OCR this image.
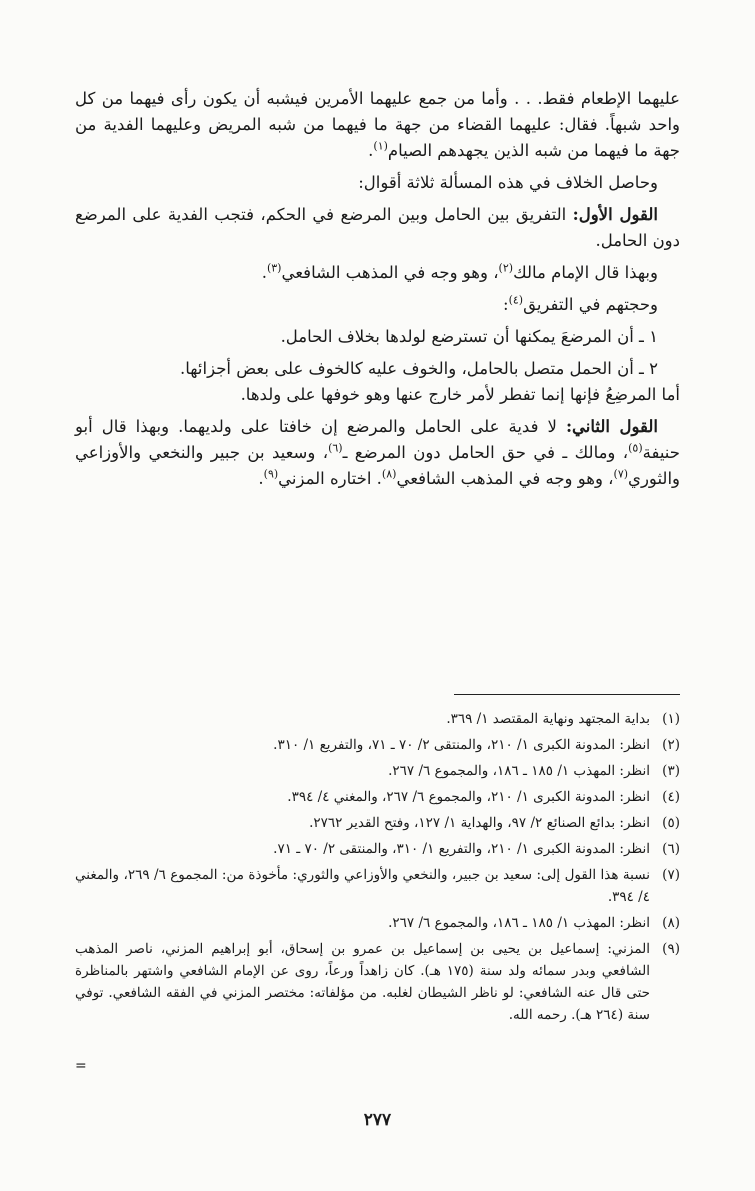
عليهما الإطعام فقط. . . وأما من جمع عليهما الأمرين فيشبه أن يكون رأى فيهما من كل واحد شبهاً. فقال: عليهما القضاء من جهة ما فيهما من شبه المريض وعليهما الفدية من جهة ما فيهما من شبه الذين يجهدهم الصيام$^{(١)}$.

وحاصل الخلاف في هذه المسألة ثلاثة أقوال:

القول الأول: التفريق بين الحامل وبين المرضع في الحكم، فتجب الفدية على المرضع دون الحامل.

وبهذا قال الإمام مالك$^{(٢)}$، وهو وجه في المذهب الشافعي$^{(٣)}$.

وحجتهم في التفريق$^{(٤)}$:

١ ـ أن المرضعَ يمكنها أن تسترضع لولدها بخلاف الحامل.

٢ ـ أن الحمل متصل بالحامل، والخوف عليه كالخوف على بعض أجزائها.

أما المرضِعُ فإنها إنما تفطر لأمر خارج عنها وهو خوفها على ولدها.

القول الثاني: لا فدية على الحامل والمرضع إن خافتا على ولديهما. وبهذا قال أبو حنيفة$^{(٥)}$، ومالك ـ في حق الحامل دون المرضع ـ$^{(٦)}$، وسعيد بن جبير والنخعي والأوزاعي والثوري$^{(٧)}$، وهو وجه في المذهب الشافعي$^{(٨)}$. اختاره المزني$^{(٩)}$.

(١)
بداية المجتهد ونهاية المقتصد ١/ ٣٦٩.
(٢)
انظر: المدونة الكبرى ١/ ٢١٠، والمنتقى ٢/ ٧٠ ـ ٧١، والتفريع ١/ ٣١٠.
(٣)
انظر: المهذب ١/ ١٨٥ ـ ١٨٦، والمجموع ٦/ ٢٦٧.
(٤)
انظر: المدونة الكبرى ١/ ٢١٠، والمجموع ٦/ ٢٦٧، والمغني ٤/ ٣٩٤.
(٥)
انظر: بدائع الصنائع ٢/ ٩٧، والهداية ١/ ١٢٧، وفتح القدير ٢٧٦٢.
(٦)
انظر: المدونة الكبرى ١/ ٢١٠، والتفريع ١/ ٣١٠، والمنتقى ٢/ ٧٠ ـ ٧١.
(٧)
نسبة هذا القول إلى: سعيد بن جبير، والنخعي والأوزاعي والثوري: مأخوذة من: المجموع ٦/ ٢٦٩، والمغني ٤/ ٣٩٤.
(٨)
انظر: المهذب ١/ ١٨٥ ـ ١٨٦، والمجموع ٦/ ٢٦٧.
(٩)
المزني: إسماعيل بن يحيى بن إسماعيل بن عمرو بن إسحاق، أبو إبراهيم المزني، ناصر المذهب الشافعي وبدر سمائه ولد سنة (١٧٥ هـ). كان زاهداً ورعاً، روى عن الإمام الشافعي واشتهر بالمناظرة حتى قال عنه الشافعي: لو ناظر الشيطان لغلبه. من مؤلفاته: مختصر المزني في الفقه الشافعي. توفي سنة (٢٦٤ هـ). رحمه الله.
=
٢٧٧
